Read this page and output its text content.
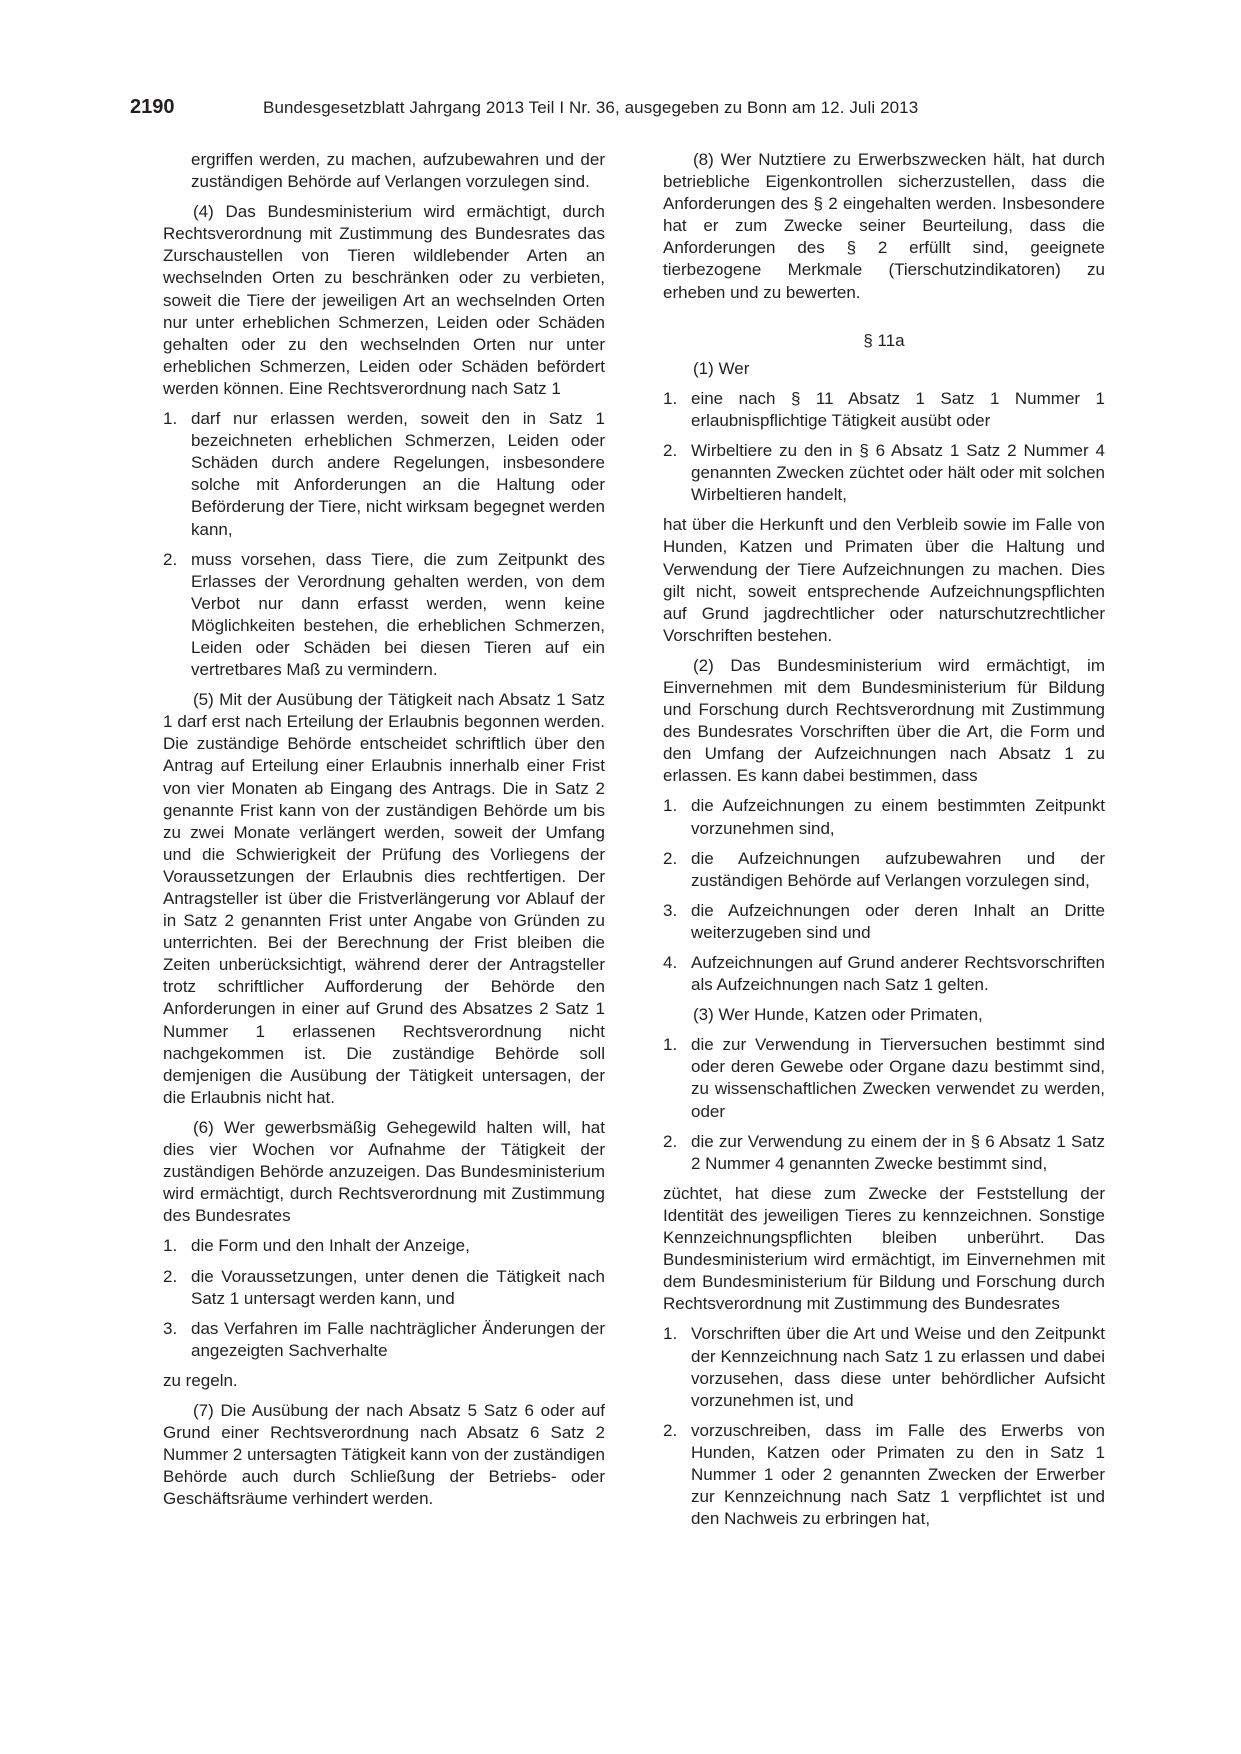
2190	Bundesgesetzblatt Jahrgang 2013 Teil I Nr. 36, ausgegeben zu Bonn am 12. Juli 2013

ergriffen werden, zu machen, aufzubewahren und der zuständigen Behörde auf Verlangen vorzulegen sind.

(4) Das Bundesministerium wird ermächtigt, durch Rechtsverordnung mit Zustimmung des Bundesrates das Zurschaustellen von Tieren wildlebender Arten an wechselnden Orten zu beschränken oder zu verbieten, soweit die Tiere der jeweiligen Art an wechselnden Orten nur unter erheblichen Schmerzen, Leiden oder Schäden gehalten oder zu den wechselnden Orten nur unter erheblichen Schmerzen, Leiden oder Schäden befördert werden können. Eine Rechtsverordnung nach Satz 1

1. darf nur erlassen werden, soweit den in Satz 1 bezeichneten erheblichen Schmerzen, Leiden oder Schäden durch andere Regelungen, insbesondere solche mit Anforderungen an die Haltung oder Beförderung der Tiere, nicht wirksam begegnet werden kann,
2. muss vorsehen, dass Tiere, die zum Zeitpunkt des Erlasses der Verordnung gehalten werden, von dem Verbot nur dann erfasst werden, wenn keine Möglichkeiten bestehen, die erheblichen Schmerzen, Leiden oder Schäden bei diesen Tieren auf ein vertretbares Maß zu vermindern.

(5) Mit der Ausübung der Tätigkeit nach Absatz 1 Satz 1 darf erst nach Erteilung der Erlaubnis begonnen werden. Die zuständige Behörde entscheidet schriftlich über den Antrag auf Erteilung einer Erlaubnis innerhalb einer Frist von vier Monaten ab Eingang des Antrags. Die in Satz 2 genannte Frist kann von der zuständigen Behörde um bis zu zwei Monate verlängert werden, soweit der Umfang und die Schwierigkeit der Prüfung des Vorliegens der Voraussetzungen der Erlaubnis dies rechtfertigen. Der Antragsteller ist über die Fristverlängerung vor Ablauf der in Satz 2 genannten Frist unter Angabe von Gründen zu unterrichten. Bei der Berechnung der Frist bleiben die Zeiten unberücksichtigt, während derer der Antragsteller trotz schriftlicher Aufforderung der Behörde den Anforderungen in einer auf Grund des Absatzes 2 Satz 1 Nummer 1 erlassenen Rechtsverordnung nicht nachgekommen ist. Die zuständige Behörde soll demjenigen die Ausübung der Tätigkeit untersagen, der die Erlaubnis nicht hat.

(6) Wer gewerbsmäßig Gehegewild halten will, hat dies vier Wochen vor Aufnahme der Tätigkeit der zuständigen Behörde anzuzeigen. Das Bundesministerium wird ermächtigt, durch Rechtsverordnung mit Zustimmung des Bundesrates

1. die Form und den Inhalt der Anzeige,
2. die Voraussetzungen, unter denen die Tätigkeit nach Satz 1 untersagt werden kann, und
3. das Verfahren im Falle nachträglicher Änderungen der angezeigten Sachverhalte

zu regeln.

(7) Die Ausübung der nach Absatz 5 Satz 6 oder auf Grund einer Rechtsverordnung nach Absatz 6 Satz 2 Nummer 2 untersagten Tätigkeit kann von der zuständigen Behörde auch durch Schließung der Betriebs- oder Geschäftsräume verhindert werden.

(8) Wer Nutztiere zu Erwerbszwecken hält, hat durch betriebliche Eigenkontrollen sicherzustellen, dass die Anforderungen des § 2 eingehalten werden. Insbesondere hat er zum Zwecke seiner Beurteilung, dass die Anforderungen des § 2 erfüllt sind, geeignete tierbezogene Merkmale (Tierschutzindikatoren) zu erheben und zu bewerten.

§ 11a

(1) Wer

1. eine nach § 11 Absatz 1 Satz 1 Nummer 1 erlaubnispflichtige Tätigkeit ausübt oder
2. Wirbeltiere zu den in § 6 Absatz 1 Satz 2 Nummer 4 genannten Zwecken züchtet oder hält oder mit solchen Wirbeltieren handelt,

hat über die Herkunft und den Verbleib sowie im Falle von Hunden, Katzen und Primaten über die Haltung und Verwendung der Tiere Aufzeichnungen zu machen. Dies gilt nicht, soweit entsprechende Aufzeichnungspflichten auf Grund jagdrechtlicher oder naturschutzrechtlicher Vorschriften bestehen.

(2) Das Bundesministerium wird ermächtigt, im Einvernehmen mit dem Bundesministerium für Bildung und Forschung durch Rechtsverordnung mit Zustimmung des Bundesrates Vorschriften über die Art, die Form und den Umfang der Aufzeichnungen nach Absatz 1 zu erlassen. Es kann dabei bestimmen, dass

1. die Aufzeichnungen zu einem bestimmten Zeitpunkt vorzunehmen sind,
2. die Aufzeichnungen aufzubewahren und der zuständigen Behörde auf Verlangen vorzulegen sind,
3. die Aufzeichnungen oder deren Inhalt an Dritte weiterzugeben sind und
4. Aufzeichnungen auf Grund anderer Rechtsvorschriften als Aufzeichnungen nach Satz 1 gelten.

(3) Wer Hunde, Katzen oder Primaten,

1. die zur Verwendung in Tierversuchen bestimmt sind oder deren Gewebe oder Organe dazu bestimmt sind, zu wissenschaftlichen Zwecken verwendet zu werden, oder
2. die zur Verwendung zu einem der in § 6 Absatz 1 Satz 2 Nummer 4 genannten Zwecke bestimmt sind,

züchtet, hat diese zum Zwecke der Feststellung der Identität des jeweiligen Tieres zu kennzeichnen. Sonstige Kennzeichnungspflichten bleiben unberührt. Das Bundesministerium wird ermächtigt, im Einvernehmen mit dem Bundesministerium für Bildung und Forschung durch Rechtsverordnung mit Zustimmung des Bundesrates

1. Vorschriften über die Art und Weise und den Zeitpunkt der Kennzeichnung nach Satz 1 zu erlassen und dabei vorzusehen, dass diese unter behördlicher Aufsicht vorzunehmen ist, und
2. vorzuschreiben, dass im Falle des Erwerbs von Hunden, Katzen oder Primaten zu den in Satz 1 Nummer 1 oder 2 genannten Zwecken der Erwerber zur Kennzeichnung nach Satz 1 verpflichtet ist und den Nachweis zu erbringen hat,
